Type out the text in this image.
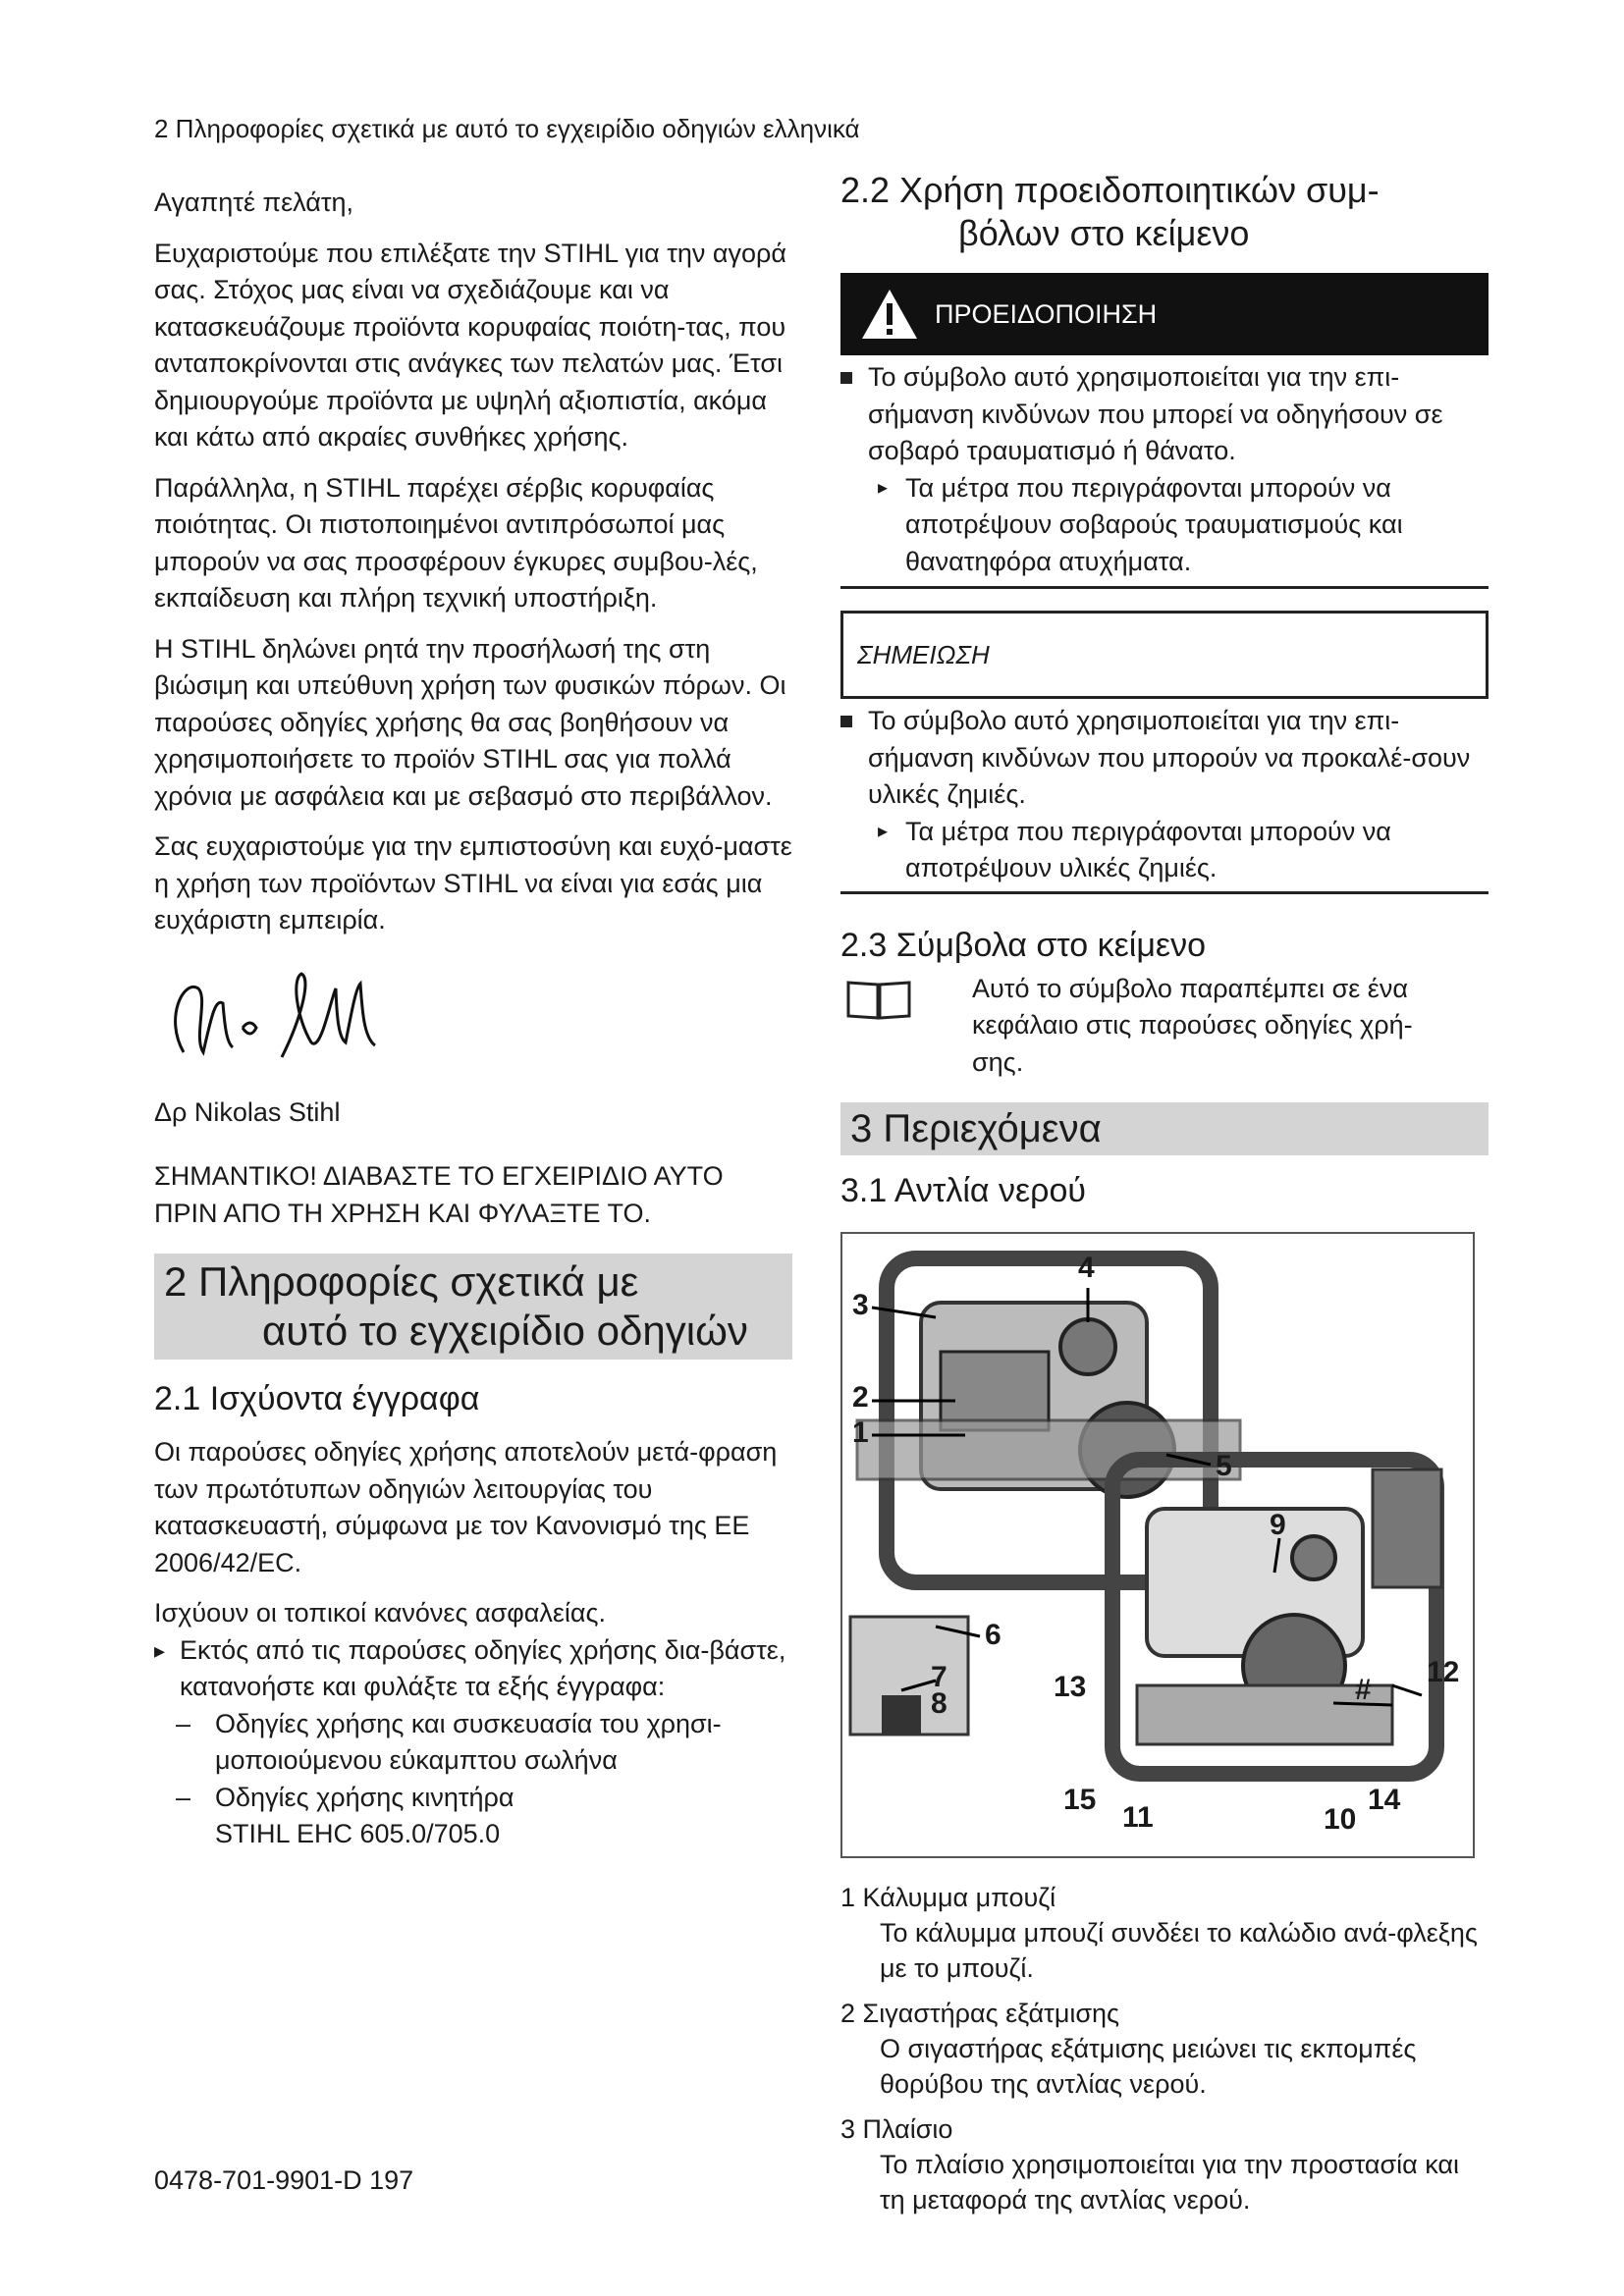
2 Πληροφορίες σχετικά με αυτό το εγχειρίδιο οδηγιών ελληνικά

Αγαπητέ πελάτη,

Ευχαριστούμε που επιλέξατε την STIHL για την αγορά σας. Στόχος μας είναι να σχεδιάζουμε και να κατασκευάζουμε προϊόντα κορυφαίας ποιότη-τας, που ανταποκρίνονται στις ανάγκες των πελατών μας. Έτσι δημιουργούμε προϊόντα με υψηλή αξιοπιστία, ακόμα και κάτω από ακραίες συνθήκες χρήσης.

Παράλληλα, η STIHL παρέχει σέρβις κορυφαίας ποιότητας. Οι πιστοποιημένοι αντιπρόσωποί μας μπορούν να σας προσφέρουν έγκυρες συμβου-λές, εκπαίδευση και πλήρη τεχνική υποστήριξη.

Η STIHL δηλώνει ρητά την προσήλωσή της στη βιώσιμη και υπεύθυνη χρήση των φυσικών πόρων. Οι παρούσες οδηγίες χρήσης θα σας βοηθήσουν να χρησιμοποιήσετε το προϊόν STIHL σας για πολλά χρόνια με ασφάλεια και με σεβασμό στο περιβάλλον.

Σας ευχαριστούμε για την εμπιστοσύνη και ευχό-μαστε η χρήση των προϊόντων STIHL να είναι για εσάς μια ευχάριστη εμπειρία.

Δρ Nikolas Stihl

ΣΗΜΑΝΤΙΚΟ! ΔΙΑΒΑΣΤΕ ΤΟ ΕΓΧΕΙΡΙΔΙΟ ΑΥΤΟ ΠΡΙΝ ΑΠΟ ΤΗ ΧΡΗΣΗ ΚΑΙ ΦΥΛΑΞΤΕ ΤΟ.

2 Πληροφορίες σχετικά με
αυτό το εγχειρίδιο οδηγιών
2.1 Ισχύοντα έγγραφα

Οι παρούσες οδηγίες χρήσης αποτελούν μετά-φραση των πρωτότυπων οδηγιών λειτουργίας του κατασκευαστή, σύμφωνα με τον Κανονισμό της ΕΕ 2006/42/EC.

Ισχύουν οι τοπικοί κανόνες ασφαλείας.

▸ Εκτός από τις παρούσες οδηγίες χρήσης δια-βάστε, κατανοήστε και φυλάξτε τα εξής έγγραφα:
– Οδηγίες χρήσης και συσκευασία του χρησι-μοποιούμενου εύκαμπτου σωλήνα
– Οδηγίες χρήσης κινητήρα
STIHL EHC 605.0/705.0
2.2 Χρήση προειδοποιητικών συμ-
βόλων στο κείμενο
ΠΡΟΕΙΔΟΠΟΙΗΣΗ
Το σύμβολο αυτό χρησιμοποιείται για την επι-σήμανση κινδύνων που μπορεί να οδηγήσουν σε σοβαρό τραυματισμό ή θάνατο.
▸ Τα μέτρα που περιγράφονται μπορούν να αποτρέψουν σοβαρούς τραυματισμούς και θανατηφόρα ατυχήματα.
ΣΗΜΕΙΩΣΗ
Το σύμβολο αυτό χρησιμοποιείται για την επι-σήμανση κινδύνων που μπορούν να προκαλέ-σουν υλικές ζημιές.
▸ Τα μέτρα που περιγράφονται μπορούν να αποτρέψουν υλικές ζημιές.
2.3 Σύμβολα στο κείμενο
Αυτό το σύμβολο παραπέμπει σε ένα κεφάλαιο στις παρούσες οδηγίες χρή-σης.
3 Περιεχόμενα
3.1 Αντλία νερού
3
4
2
1
5
9
6
7
8
13	#
12
15
11
14
10
1 Κάλυμμα μπουζί
Το κάλυμμα μπουζί συνδέει το καλώδιο ανά-φλεξης με το μπουζί.
2 Σιγαστήρας εξάτμισης
Ο σιγαστήρας εξάτμισης μειώνει τις εκπομπές θορύβου της αντλίας νερού.
3 Πλαίσιο
Το πλαίσιο χρησιμοποιείται για την προστασία και τη μεταφορά της αντλίας νερού.
0478-701-9901-D 197
